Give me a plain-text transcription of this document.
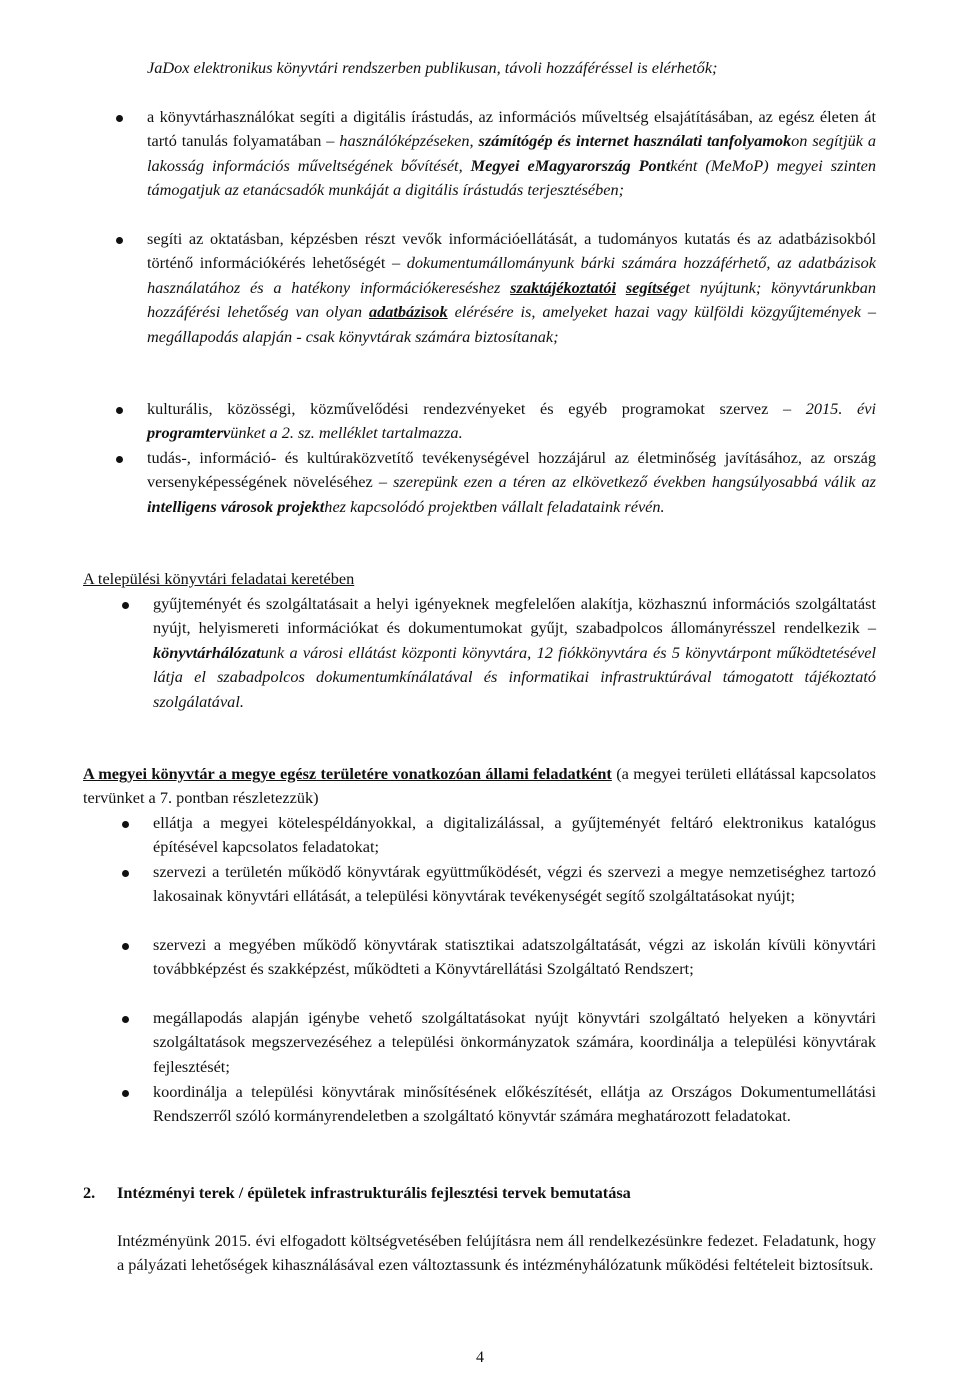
JaDox elektronikus könyvtári rendszerben publikusan, távoli hozzáféréssel is elérhetők;

a könyvtárhasználókat segíti a digitális írástudás, az információs műveltség elsajátításában, az egész életen át tartó tanulás folyamatában – használóképzéseken, számítógép és internet használati tanfolyamokon segítjük a lakosság információs műveltségének bővítését, Megyei eMagyarország Pontként (MeMoP) megyei szinten támogatjuk az etanácsadók munkáját a digitális írástudás terjesztésében;

segíti az oktatásban, képzésben részt vevők információellátását, a tudományos kutatás és az adatbázisokból történő információkérés lehetőségét – dokumentumállományunk bárki számára hozzáférhető, az adatbázisok használatához és a hatékony információkereséshez szaktájékoztatói segítséget nyújtunk; könyvtárunkban hozzáférési lehetőség van olyan adatbázisok elérésére is, amelyeket hazai vagy külföldi közgyűjtemények – megállapodás alapján - csak könyvtárak számára biztosítanak;

kulturális, közösségi, közművelődési rendezvényeket és egyéb programokat szervez – 2015. évi programtervünket a 2. sz. melléklet tartalmazza.

tudás-, információ- és kultúraközvetítő tevékenységével hozzájárul az életminőség javításához, az ország versenyképességének növeléséhez – szerepünk ezen a téren az elkövetkező években hangsúlyosabbá válik az intelligens városok projekthez kapcsolódó projektben vállalt feladataink révén.

A települési könyvtári feladatai keretében

gyűjteményét és szolgáltatásait a helyi igényeknek megfelelően alakítja, közhasznú információs szolgáltatást nyújt, helyismereti információkat és dokumentumokat gyűjt, szabadpolcos állományrésszel rendelkezik – könyvtárhálózatunk a városi ellátást központi könyvtára, 12 fiókkönyvtára és 5 könyvtárpont működtetésével látja el szabadpolcos dokumentumkínálatával és informatikai infrastruktúrával támogatott tájékoztató szolgálatával.

A megyei könyvtár a megye egész területére vonatkozóan állami feladatként (a megyei területi ellátással kapcsolatos tervünket a 7. pontban részletezzük)

ellátja a megyei kötelespéldányokkal, a digitalizálással, a gyűjteményét feltáró elektronikus katalógus építésével kapcsolatos feladatokat;

szervezi a területén működő könyvtárak együttműködését, végzi és szervezi a megye nemzetiséghez tartozó lakosainak könyvtári ellátását, a települési könyvtárak tevékenységét segítő szolgáltatásokat nyújt;

szervezi a megyében működő könyvtárak statisztikai adatszolgáltatását, végzi az iskolán kívüli könyvtári továbbképzést és szakképzést, működteti a Könyvtárellátási Szolgáltató Rendszert;

megállapodás alapján igénybe vehető szolgáltatásokat nyújt könyvtári szolgáltató helyeken a könyvtári szolgáltatások megszervezéséhez a települési önkormányzatok számára, koordinálja a települési könyvtárak fejlesztését;

koordinálja a települési könyvtárak minősítésének előkészítését, ellátja az Országos Dokumentumellátási Rendszerről szóló kormányrendeletben a szolgáltató könyvtár számára meghatározott feladatokat.

2. Intézményi terek / épületek infrastrukturális fejlesztési tervek bemutatása

Intézményünk 2015. évi elfogadott költségvetésében felújításra nem áll rendelkezésünkre fedezet. Feladatunk, hogy a pályázati lehetőségek kihasználásával ezen változtassunk és intézményhálózatunk működési feltételeit biztosítsuk.

4
